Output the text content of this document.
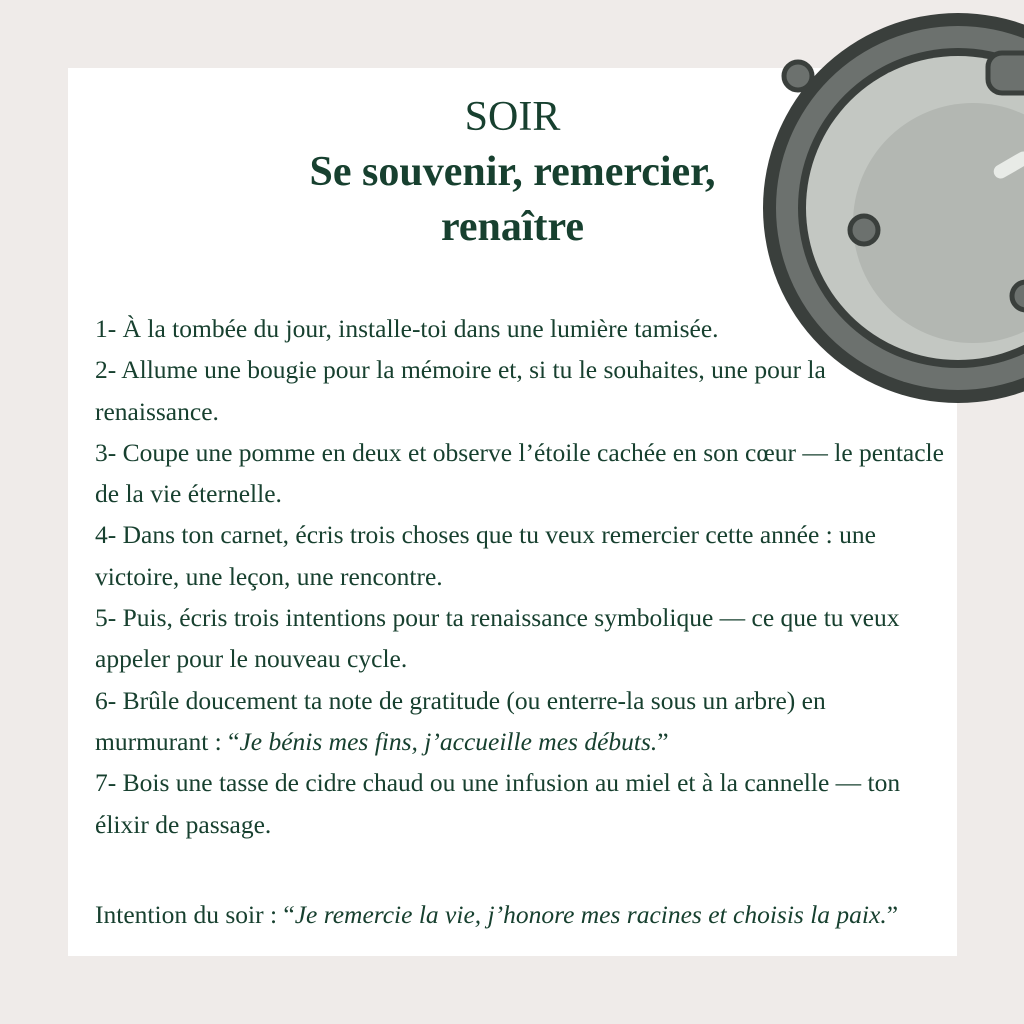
SOIR
Se souvenir, remercier,
renaître
1- À la tombée du jour, installe-toi dans une lumière tamisée.
2- Allume une bougie pour la mémoire et, si tu le souhaites, une pour la renaissance.
3- Coupe une pomme en deux et observe l’étoile cachée en son cœur — le pentacle de la vie éternelle.
4- Dans ton carnet, écris trois choses que tu veux remercier cette année : une victoire, une leçon, une rencontre.
5- Puis, écris trois intentions pour ta renaissance symbolique — ce que tu veux appeler pour le nouveau cycle.
6- Brûle doucement ta note de gratitude (ou enterre-la sous un arbre) en murmurant : “Je bénis mes fins, j’accueille mes débuts.”
7- Bois une tasse de cidre chaud ou une infusion au miel et à la cannelle — ton élixir de passage.

Intention du soir : “Je remercie la vie, j’honore mes racines et choisis la paix.”
